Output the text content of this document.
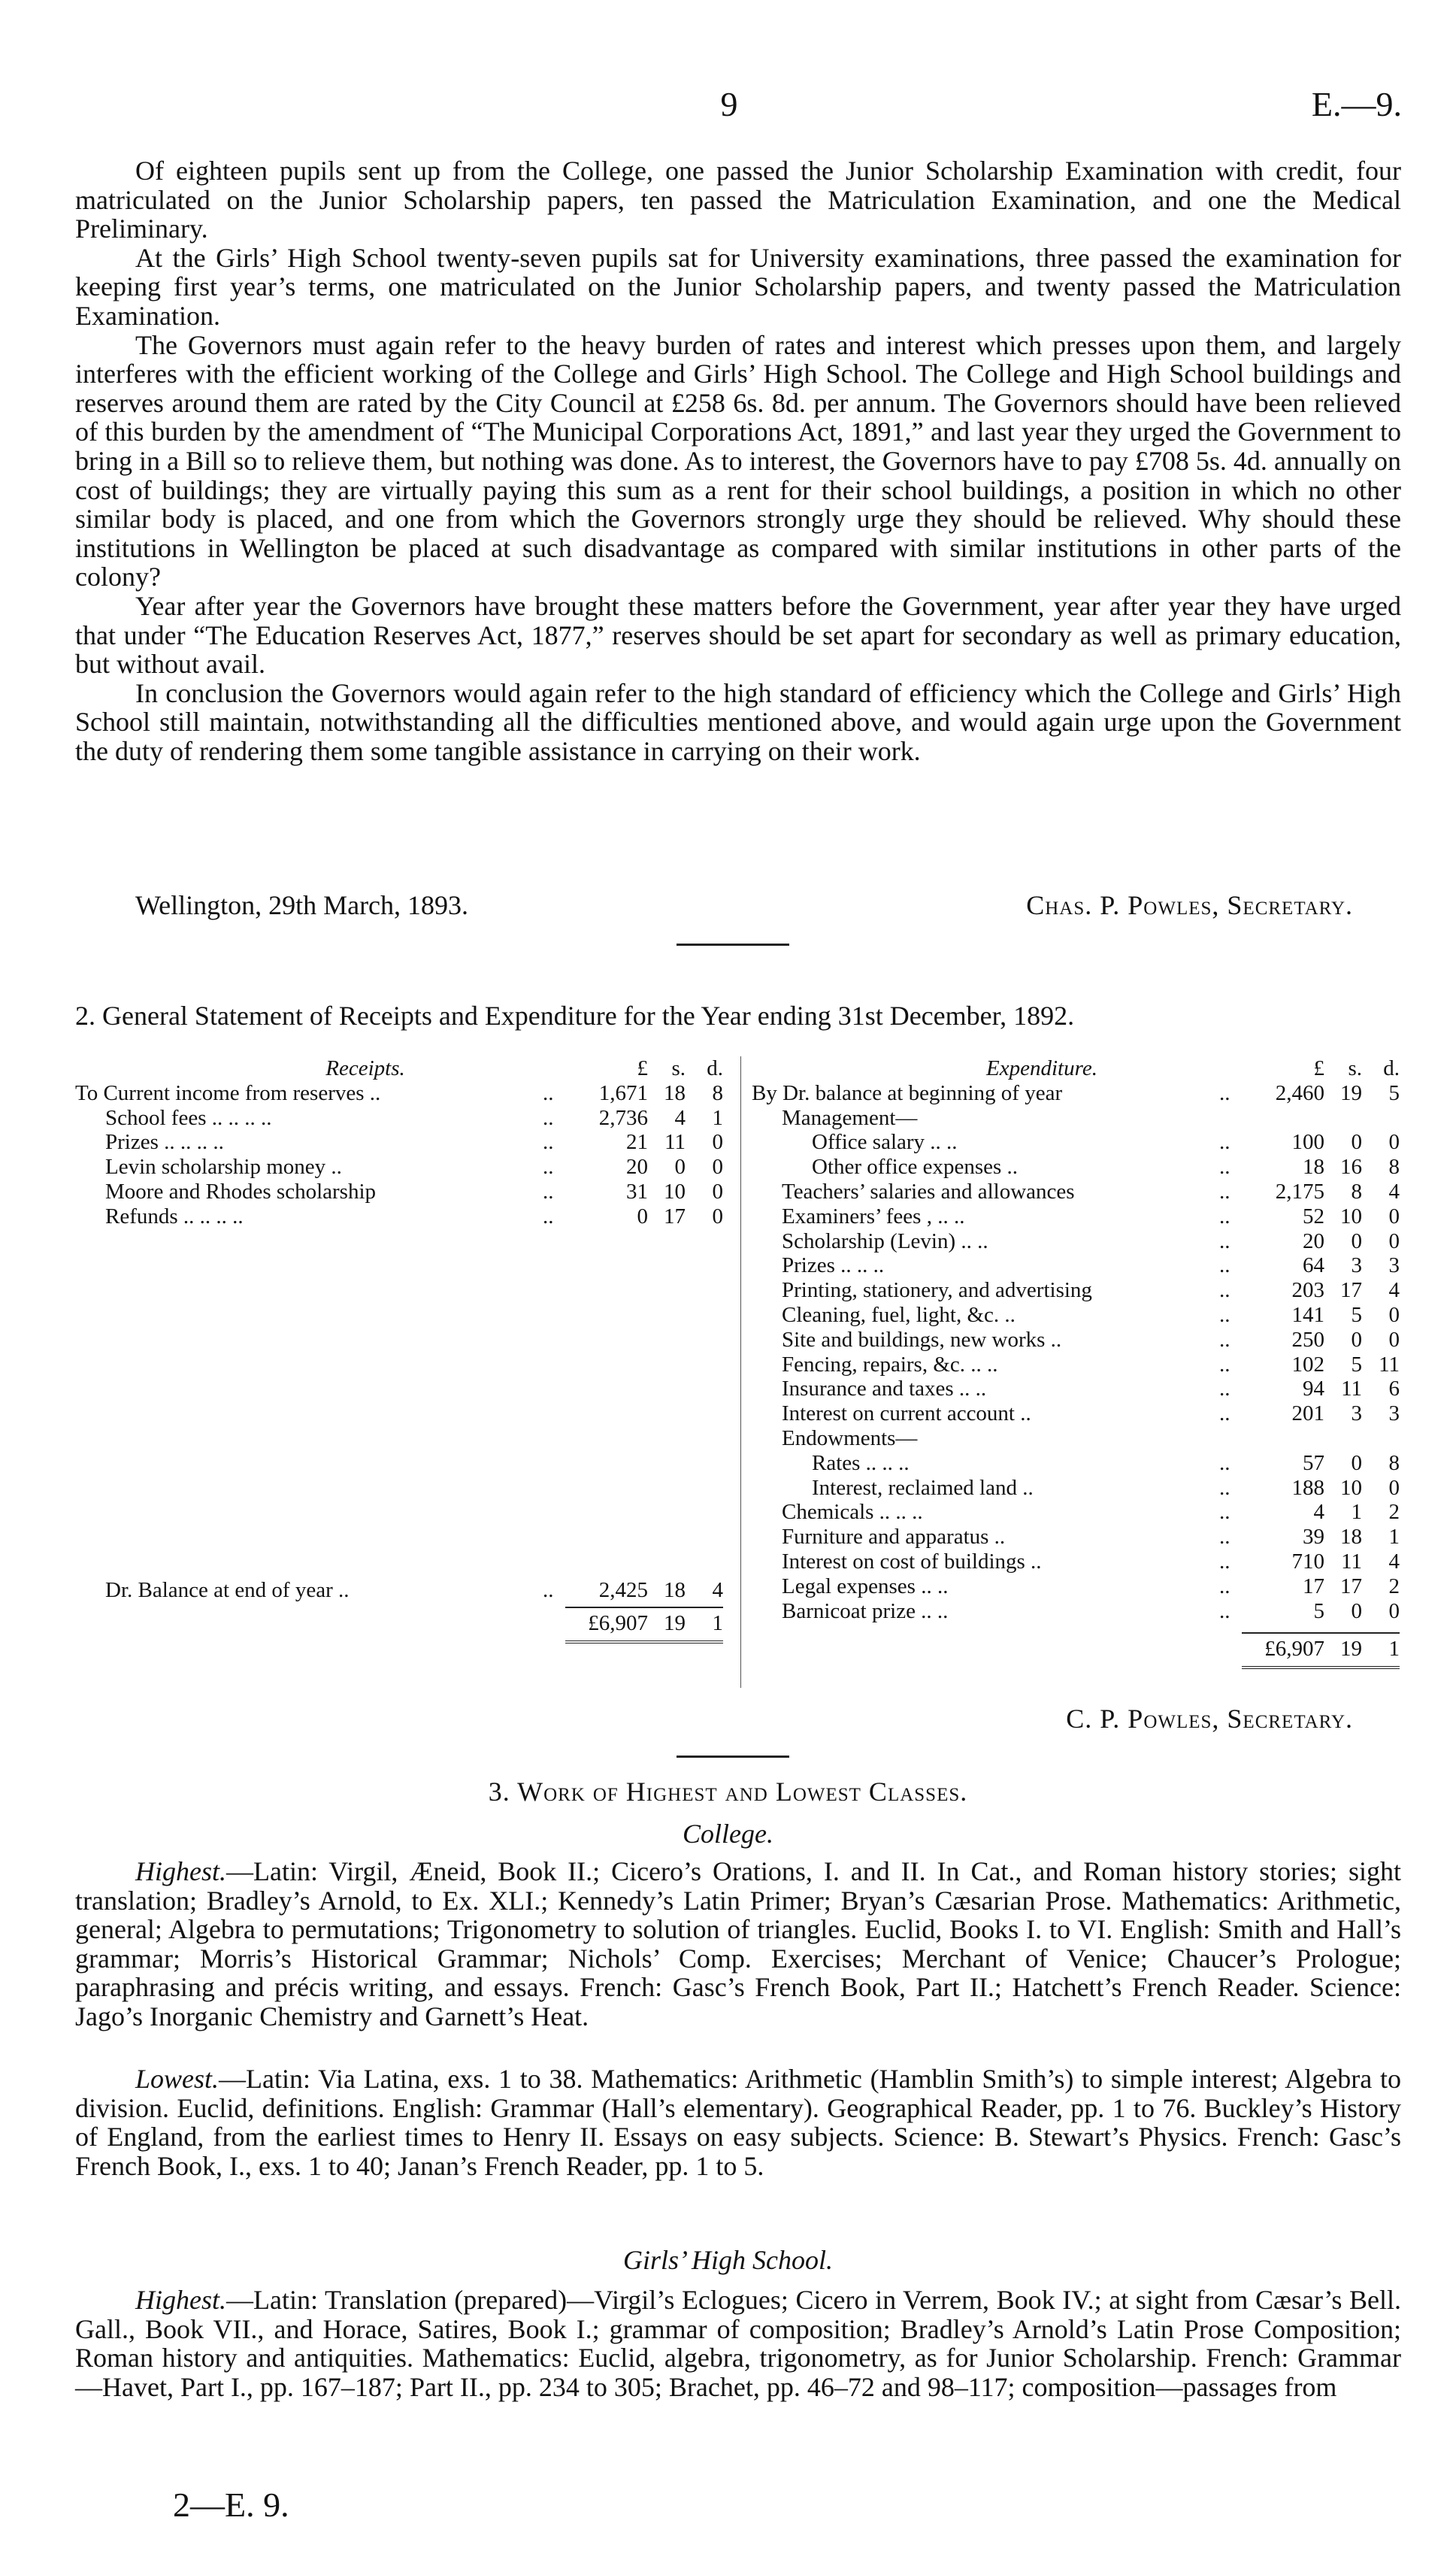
9	E.—9.

Of eighteen pupils sent up from the College, one passed the Junior Scholarship Examination with credit, four matriculated on the Junior Scholarship papers, ten passed the Matriculation Examination, and one the Medical Preliminary.

At the Girls’ High School twenty-seven pupils sat for University examinations, three passed the examination for keeping first year’s terms, one matriculated on the Junior Scholarship papers, and twenty passed the Matriculation Examination.

The Governors must again refer to the heavy burden of rates and interest which presses upon them, and largely interferes with the efficient working of the College and Girls’ High School. The College and High School buildings and reserves around them are rated by the City Council at £258 6s. 8d. per annum. The Governors should have been relieved of this burden by the amendment of “The Municipal Corporations Act, 1891,” and last year they urged the Government to bring in a Bill so to relieve them, but nothing was done. As to interest, the Governors have to pay £708 5s. 4d. annually on cost of buildings; they are virtually paying this sum as a rent for their school buildings, a position in which no other similar body is placed, and one from which the Governors strongly urge they should be relieved. Why should these institutions in Wellington be placed at such disadvantage as compared with similar institutions in other parts of the colony?

Year after year the Governors have brought these matters before the Government, year after year they have urged that under “The Education Reserves Act, 1877,” reserves should be set apart for secondary as well as primary education, but without avail.

In conclusion the Governors would again refer to the high standard of efficiency which the College and Girls’ High School still maintain, notwithstanding all the difficulties mentioned above, and would again urge upon the Government the duty of rendering them some tangible assistance in carrying on their work.

Wellington, 29th March, 1893.	Chas. P. Powles, Secretary.
2. General Statement of Receipts and Expenditure for the Year ending 31st December, 1892.
Receipts.	£	s. d.
To Current income from reserves ..	..	1,671 18	8
School fees .. .. .. ..	..	2,736	4	1
Prizes .. .. .. ..	..	21 11	0
Levin scholarship money ..	..	20	0	0
Moore and Rhodes scholarship	..	31 10	0
Refunds .. .. .. ..	..	0 17	0
Dr. Balance at end of year ..	..	2,425 18	4
£6,907 19	1
Expenditure.	£	s. d.
By Dr. balance at beginning of year	..	2,460 19	5
Management—
Office salary .. ..	..	100	0	0
Other office expenses ..	..	18 16	8
Teachers’ salaries and allowances	..	2,175	8	4
Examiners’ fees , .. ..	..	52 10	0
Scholarship (Levin) .. ..	..	20	0	0
Prizes .. .. ..	..	64	3	3
Printing, stationery, and advertising	..	203 17	4
Cleaning, fuel, light, &c. ..	..	141	5	0
Site and buildings, new works ..	..	250	0	0
Fencing, repairs, &c. .. ..	..	102	5 11
Insurance and taxes .. ..	..	94 11	6
Interest on current account ..	..	201	3	3
Endowments—
Rates .. .. ..	..	57	0	8
Interest, reclaimed land ..	..	188 10	0
Chemicals .. .. ..	..	4	1	2
Furniture and apparatus ..	..	39 18	1
Interest on cost of buildings ..	..	710 11	4
Legal expenses .. ..	..	17 17	2
Barnicoat prize .. ..	..	5	0	0
£6,907 19	1
C. P. Powles, Secretary.
3. Work of Highest and Lowest Classes.
College.

Highest.—Latin: Virgil, Æneid, Book II.; Cicero’s Orations, I. and II. In Cat., and Roman history stories; sight translation; Bradley’s Arnold, to Ex. XLI.; Kennedy’s Latin Primer; Bryan’s Cæsarian Prose. Mathematics: Arithmetic, general; Algebra to permutations; Trigonometry to solution of triangles. Euclid, Books I. to VI. English: Smith and Hall’s grammar; Morris’s Historical Grammar; Nichols’ Comp. Exercises; Merchant of Venice; Chaucer’s Prologue; paraphrasing and précis writing, and essays. French: Gasc’s French Book, Part II.; Hatchett’s French Reader. Science: Jago’s Inorganic Chemistry and Garnett’s Heat.

Lowest.—Latin: Via Latina, exs. 1 to 38. Mathematics: Arithmetic (Hamblin Smith’s) to simple interest; Algebra to division. Euclid, definitions. English: Grammar (Hall’s elementary). Geographical Reader, pp. 1 to 76. Buckley’s History of England, from the earliest times to Henry II. Essays on easy subjects. Science: B. Stewart’s Physics. French: Gasc’s French Book, I., exs. 1 to 40; Janan’s French Reader, pp. 1 to 5.

Girls’ High School.

Highest.—Latin: Translation (prepared)—Virgil’s Eclogues; Cicero in Verrem, Book IV.; at sight from Cæsar’s Bell. Gall., Book VII., and Horace, Satires, Book I.; grammar of composition; Bradley’s Arnold’s Latin Prose Composition; Roman history and antiquities. Mathematics: Euclid, algebra, trigonometry, as for Junior Scholarship. French: Grammar—Havet, Part I., pp. 167–187; Part II., pp. 234 to 305; Brachet, pp. 46–72 and 98–117; composition—passages from

2—E. 9.
